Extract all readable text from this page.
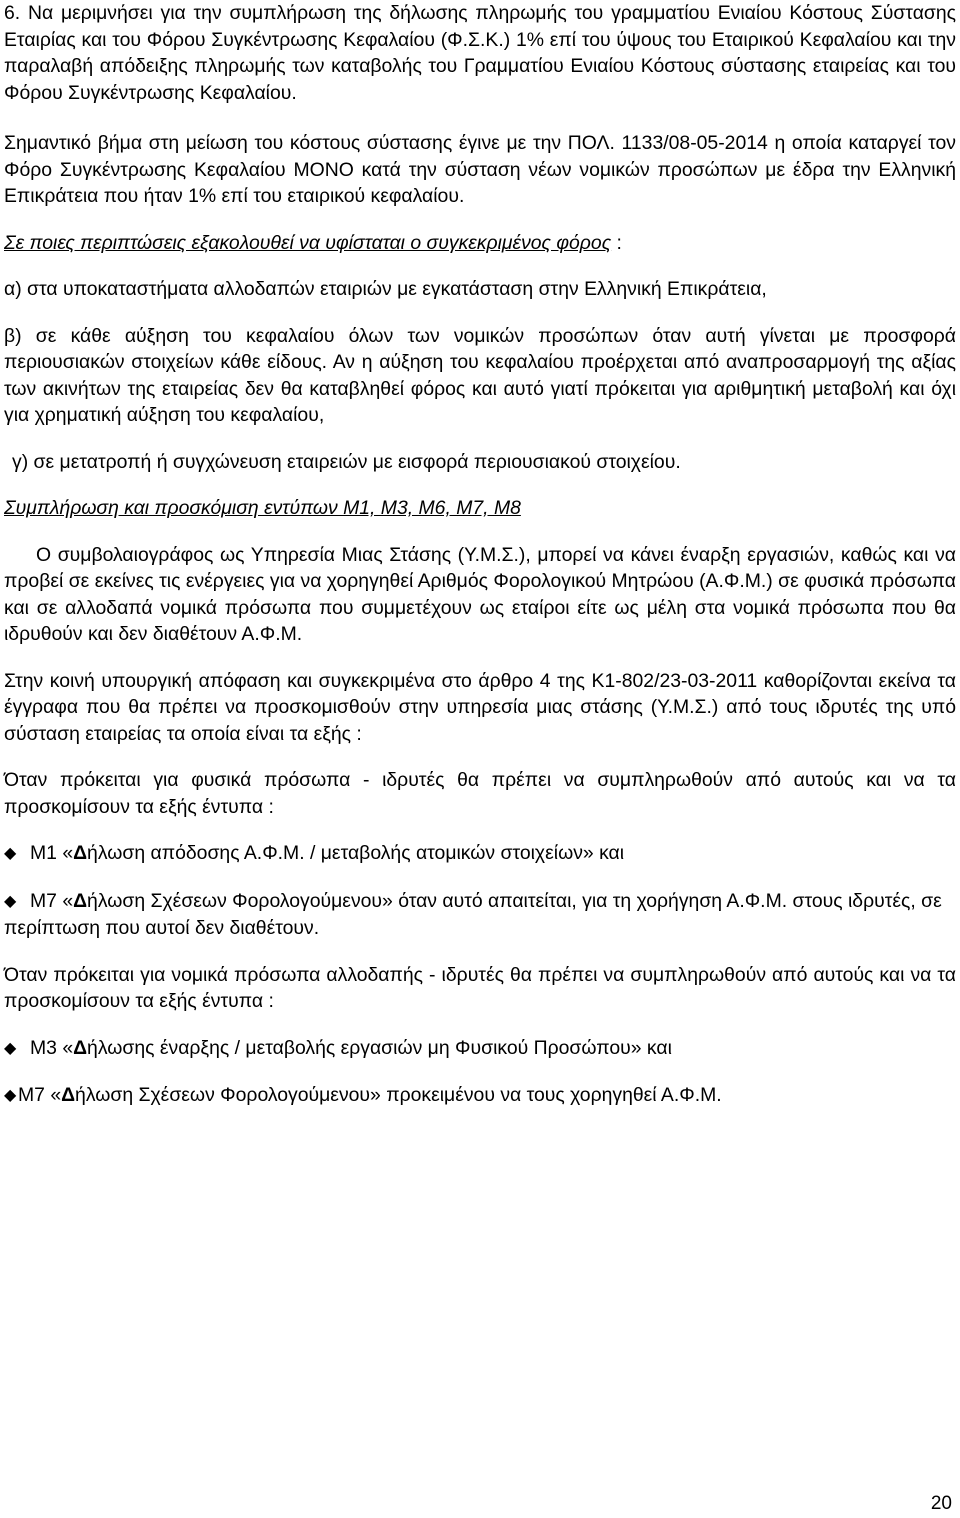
6. Να μεριμνήσει για την συμπλήρωση της δήλωσης πληρωμής του γραμματίου Ενιαίου Κόστους Σύστασης Εταιρίας και του Φόρου Συγκέντρωσης Κεφαλαίου (Φ.Σ.Κ.) 1% επί του ύψους του Εταιρικού Κεφαλαίου και την παραλαβή απόδειξης πληρωμής των καταβολής του Γραμματίου Ενιαίου Κόστους σύστασης εταιρείας και του Φόρου Συγκέντρωσης Κεφαλαίου.

Σημαντικό βήμα στη μείωση του κόστους σύστασης έγινε με την ΠΟΛ. 1133/08-05-2014 η οποία καταργεί τον Φόρο Συγκέντρωσης Κεφαλαίου ΜΟΝΟ κατά την σύσταση νέων νομικών προσώπων με έδρα την Ελληνική Επικράτεια που ήταν 1% επί του εταιρικού κεφαλαίου.

Σε ποιες περιπτώσεις εξακολουθεί να υφίσταται ο συγκεκριμένος φόρος :

α) στα υποκαταστήματα αλλοδαπών εταιριών με εγκατάσταση στην Ελληνική Επικράτεια,

β) σε κάθε αύξηση του κεφαλαίου όλων των νομικών προσώπων όταν αυτή γίνεται με προσφορά περιουσιακών στοιχείων κάθε είδους. Αν η αύξηση του κεφαλαίου προέρχεται από αναπροσαρμογή της αξίας των ακινήτων της εταιρείας δεν θα καταβληθεί φόρος και αυτό γιατί πρόκειται για αριθμητική μεταβολή και όχι για χρηματική αύξηση του κεφαλαίου,

γ) σε μετατροπή ή συγχώνευση εταιρειών με εισφορά περιουσιακού στοιχείου.

Συμπλήρωση και προσκόμιση εντύπων Μ1, Μ3, Μ6, Μ7, Μ8

Ο συμβολαιογράφος ως Υπηρεσία Μιας Στάσης (Υ.Μ.Σ.), μπορεί να κάνει έναρξη εργασιών, καθώς και να προβεί σε εκείνες τις ενέργειες για να χορηγηθεί Αριθμός Φορολογικού Μητρώου (Α.Φ.Μ.) σε φυσικά πρόσωπα και σε αλλοδαπά νομικά πρόσωπα που συμμετέχουν ως εταίροι είτε ως μέλη στα νομικά πρόσωπα που θα ιδρυθούν και δεν διαθέτουν Α.Φ.Μ.

Στην κοινή υπουργική απόφαση και συγκεκριμένα στο άρθρο 4 της Κ1-802/23-03-2011 καθορίζονται εκείνα τα έγγραφα που θα πρέπει να προσκομισθούν στην υπηρεσία μιας στάσης (Υ.Μ.Σ.) από τους ιδρυτές της υπό σύσταση εταιρείας τα οποία είναι τα εξής :

Όταν πρόκειται για φυσικά πρόσωπα - ιδρυτές θα πρέπει να συμπληρωθούν από αυτούς και να τα προσκομίσουν τα εξής έντυπα :

◆ Μ1 «Δήλωση απόδοσης Α.Φ.Μ. / μεταβολής ατομικών στοιχείων» και

◆ Μ7 «Δήλωση Σχέσεων Φορολογούμενου» όταν αυτό απαιτείται, για τη χορήγηση Α.Φ.Μ. στους ιδρυτές, σε περίπτωση που αυτοί δεν διαθέτουν.

Όταν πρόκειται για νομικά πρόσωπα αλλοδαπής - ιδρυτές θα πρέπει να συμπληρωθούν από αυτούς και να τα προσκομίσουν τα εξής έντυπα :

◆ Μ3 «Δήλωσης έναρξης / μεταβολής εργασιών μη Φυσικού Προσώπου» και

◆Μ7 «Δήλωση Σχέσεων Φορολογούμενου» προκειμένου να τους χορηγηθεί Α.Φ.Μ.

20
